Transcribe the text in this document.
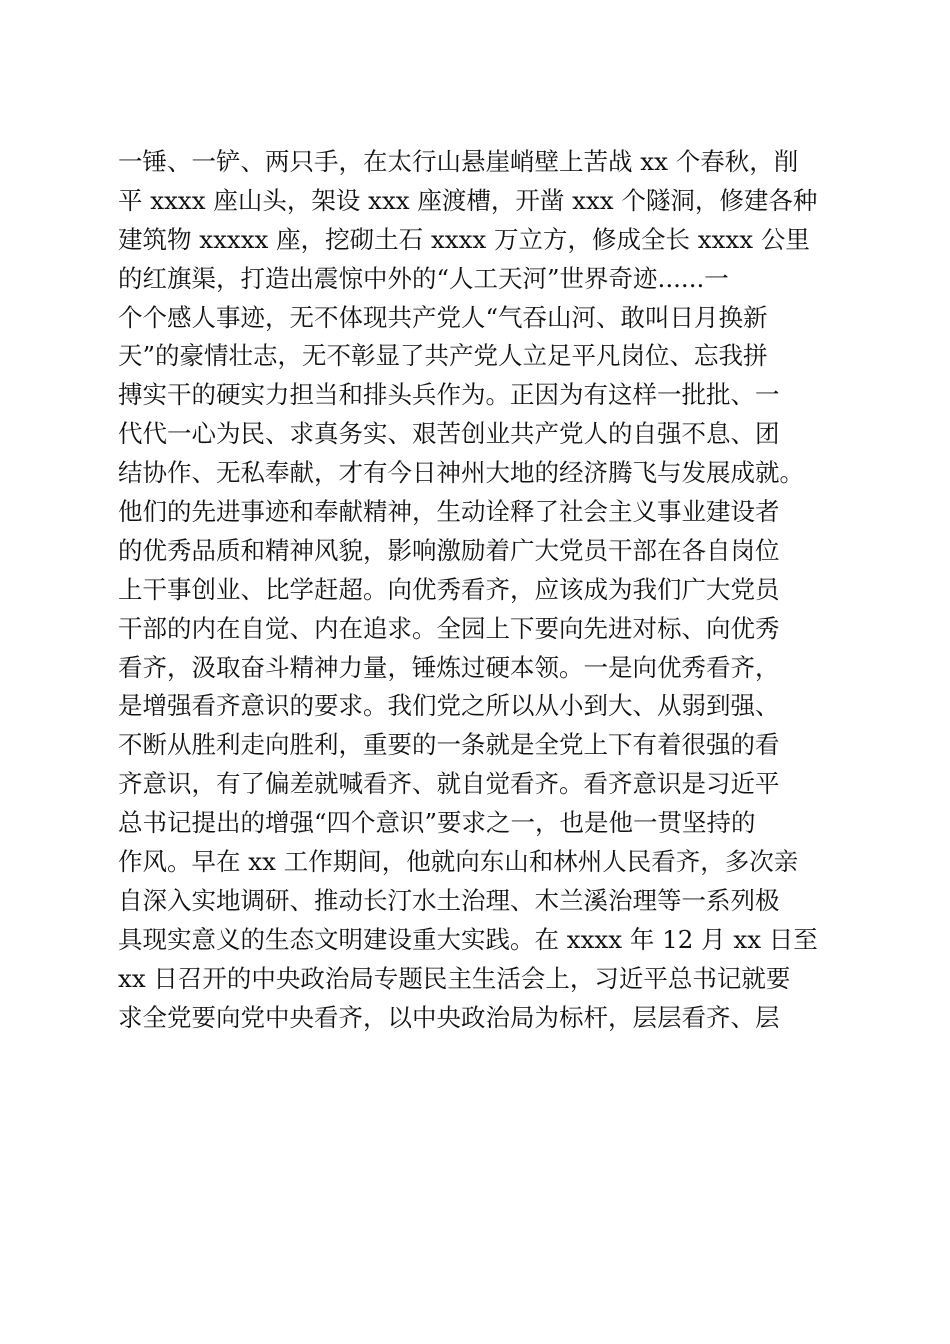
一锤、一铲、两只手，在太行山悬崖峭壁上苦战 xx 个春秋，削
平 xxxx 座山头，架设 xxx 座渡槽，开凿 xxx 个隧洞，修建各种
建筑物 xxxxx 座，挖砌土石 xxxx 万立方，修成全长 xxxx 公里
的红旗渠，打造出震惊中外的“人工天河”世界奇迹......一
个个感人事迹，无不体现共产党人“气吞山河、敢叫日月换新
天”的豪情壮志，无不彰显了共产党人立足平凡岗位、忘我拼
搏实干的硬实力担当和排头兵作为。正因为有这样一批批、一
代代一心为民、求真务实、艰苦创业共产党人的自强不息、团
结协作、无私奉献，才有今日神州大地的经济腾飞与发展成就。
他们的先进事迹和奉献精神，生动诠释了社会主义事业建设者
的优秀品质和精神风貌，影响激励着广大党员干部在各自岗位
上干事创业、比学赶超。向优秀看齐，应该成为我们广大党员
干部的内在自觉、内在追求。全园上下要向先进对标、向优秀
看齐，汲取奋斗精神力量，锤炼过硬本领。一是向优秀看齐，
是增强看齐意识的要求。我们党之所以从小到大、从弱到强、
不断从胜利走向胜利，重要的一条就是全党上下有着很强的看
齐意识，有了偏差就喊看齐、就自觉看齐。看齐意识是习近平
总书记提出的增强“四个意识”要求之一，也是他一贯坚持的
作风。早在 xx 工作期间，他就向东山和林州人民看齐，多次亲
自深入实地调研、推动长汀水土治理、木兰溪治理等一系列极
具现实意义的生态文明建设重大实践。在 xxxx 年 12 月 xx 日至
xx 日召开的中央政治局专题民主生活会上，习近平总书记就要
求全党要向党中央看齐，以中央政治局为标杆，层层看齐、层
